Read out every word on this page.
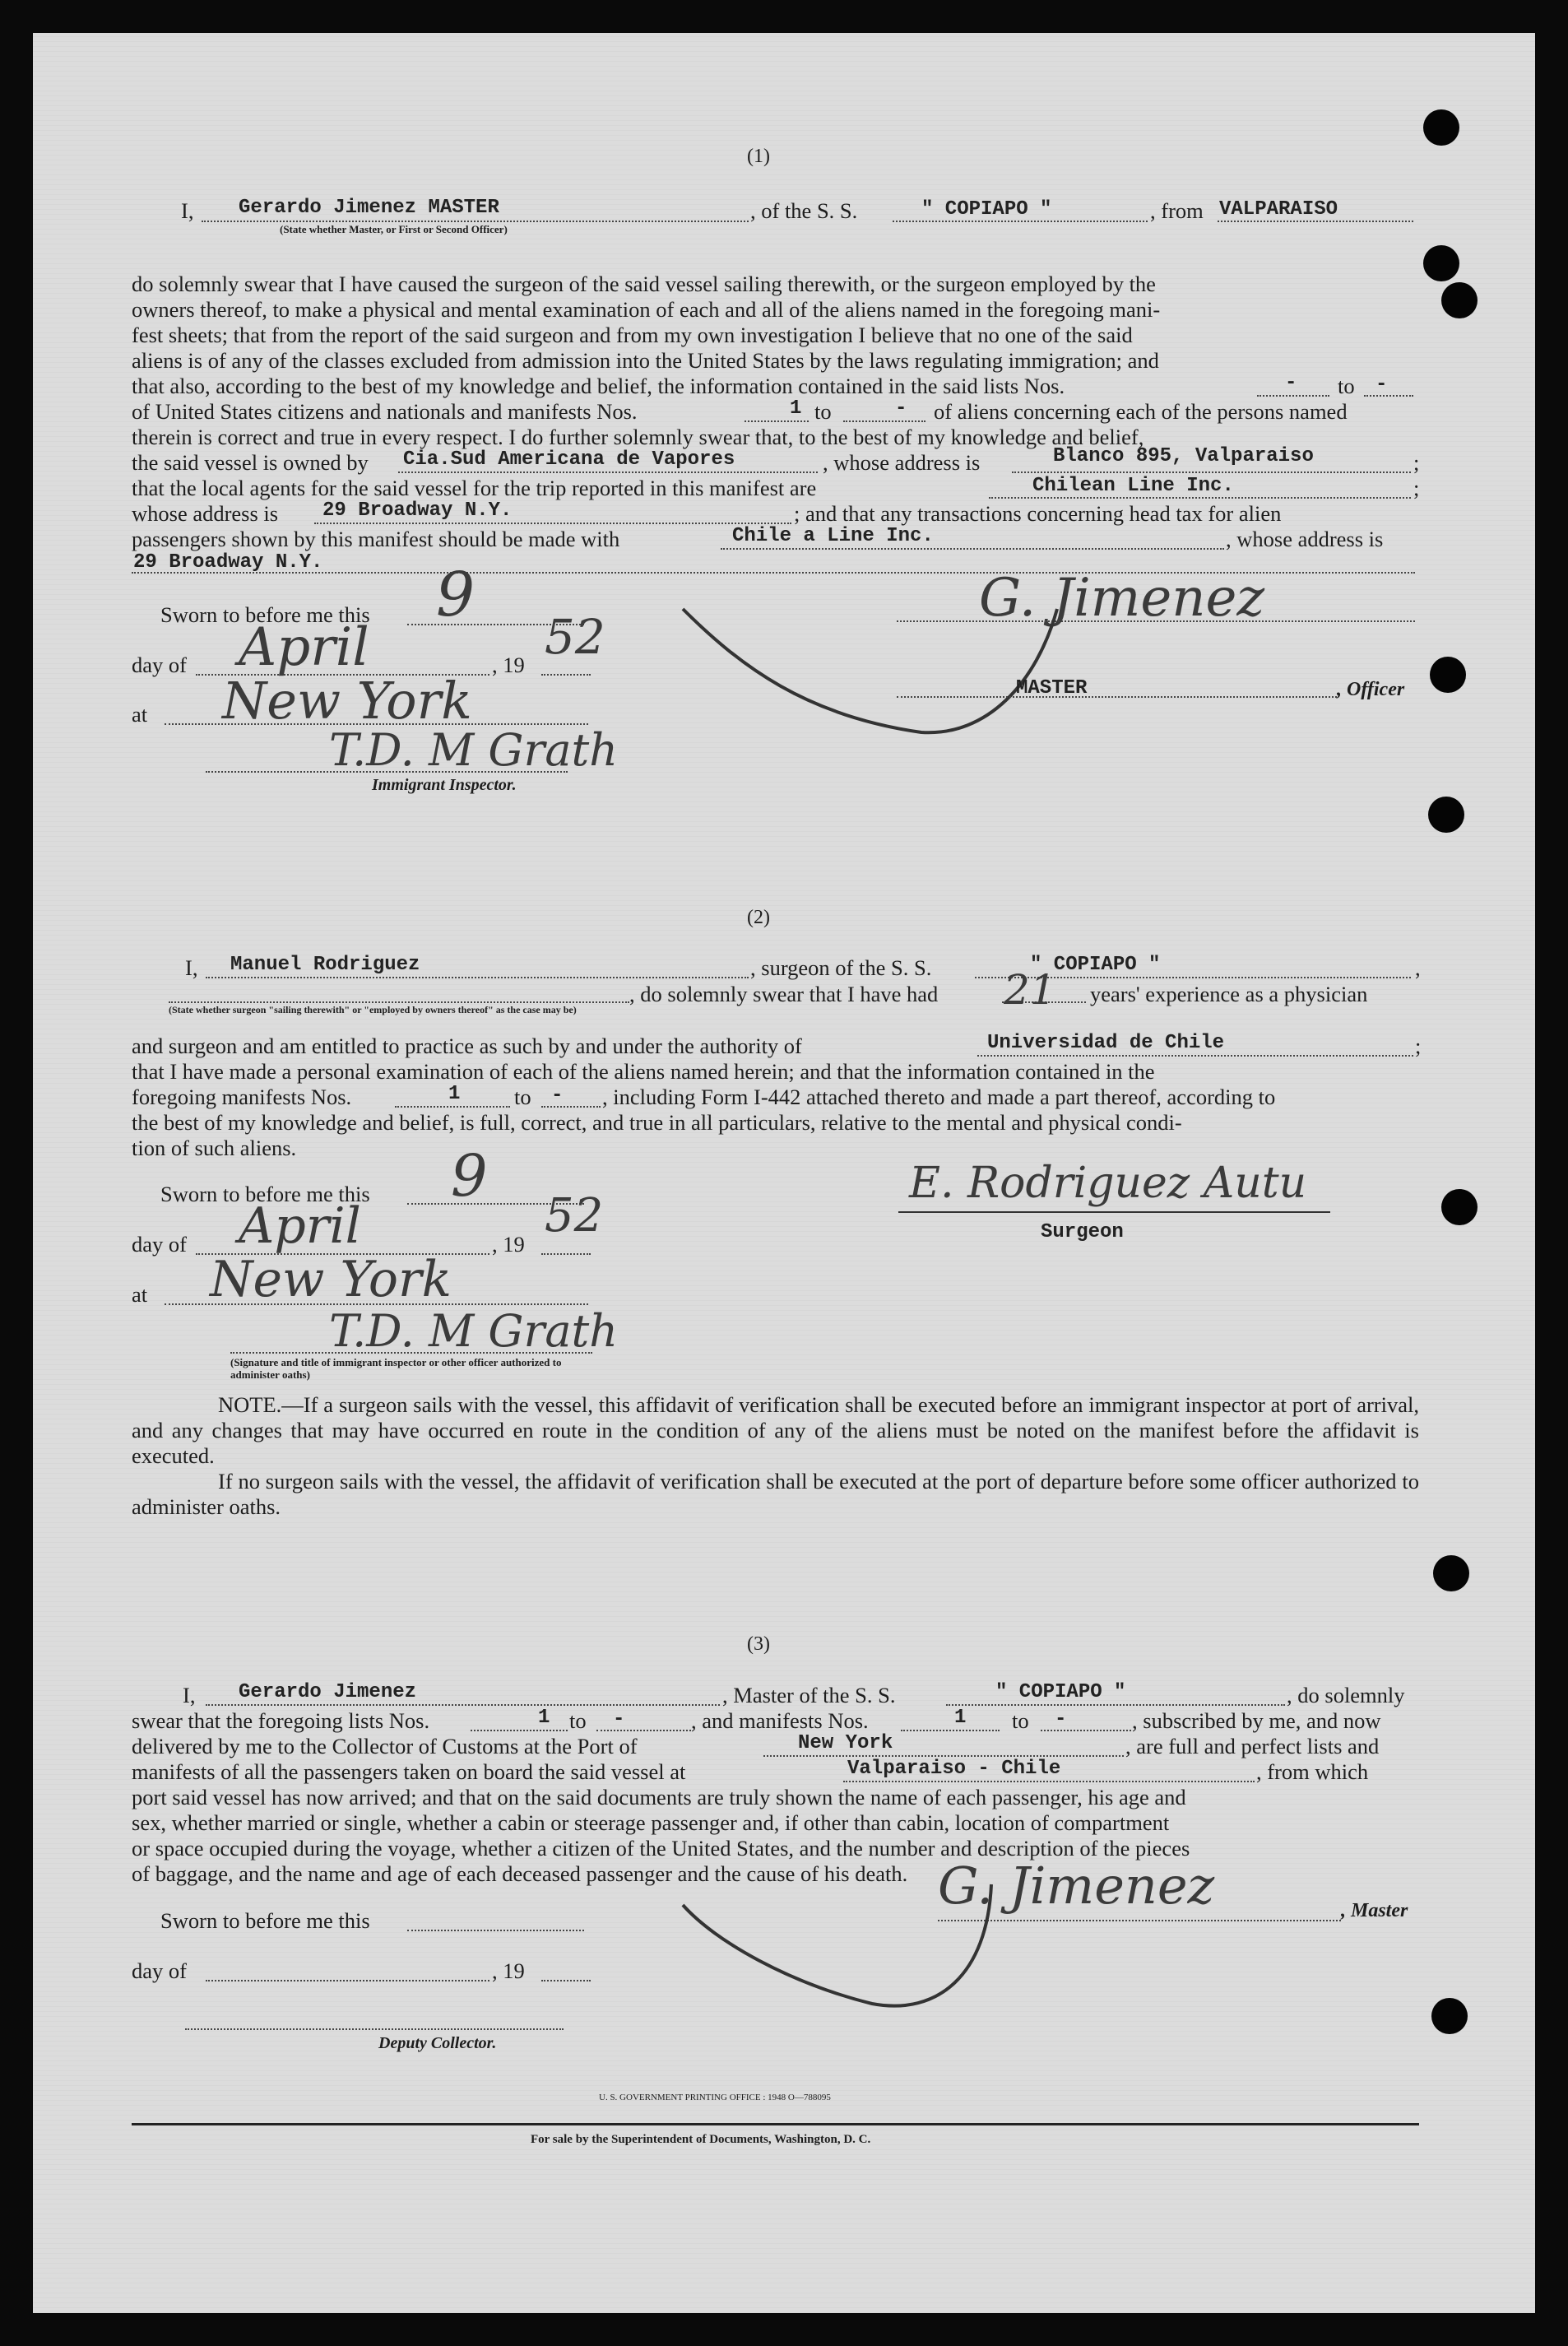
(1)
I, Gerardo Jimenez MASTER
(State whether Master, or First or Second Officer)
, of the S. S.	" COPIAPO "	, from VALPARAISO
do solemnly swear that I have caused the surgeon of the said vessel sailing therewith, or the surgeon employed by the
owners thereof, to make a physical and mental examination of each and all of the aliens named in the foregoing mani-
fest sheets; that from the report of the said surgeon and from my own investigation I believe that no one of the said
aliens is of any of the classes excluded from admission into the United States by the laws regulating immigration; and
that also, according to the best of my knowledge and belief, the information contained in the said lists Nos.	- to -
of United States citizens and nationals and manifests Nos.	1 to	- of aliens concerning each of the persons named
therein is correct and true in every respect. I do further solemnly swear that, to the best of my knowledge and belief,
the said vessel is owned by Cia.Sud Americana de Vapores	, whose address is	Blanco 895, Valparaiso	;
that the local agents for the said vessel for the trip reported in this manifest are	Chilean Line Inc.	;
whose address is 29 Broadway N.Y.	; and that any transactions concerning head tax for alien
passengers shown by this manifest should be made with	Chile a Line Inc.	, whose address is
29 Broadway N.Y.
Sworn to before me this 9
day of April	, 19 52
at New York
T.D. M Grath
Immigrant Inspector.
G. Jimenez
MASTER	, Officer
(2)
I, Manuel Rodriguez	, surgeon of the S. S.	" COPIAPO "	,
, do solemnly swear that I have had 21 years' experience as a physician
(State whether surgeon "sailing therewith" or "employed by owners thereof" as the case may be)
and surgeon and am entitled to practice as such by and under the authority of	Universidad de Chile	;
that I have made a personal examination of each of the aliens named herein; and that the information contained in the
foregoing manifests Nos.	1 to - , including Form I-442 attached thereto and made a part thereof, according to
the best of my knowledge and belief, is full, correct, and true in all particulars, relative to the mental and physical condi-
tion of such aliens.
Sworn to before me this 9
day of April	, 19
52
at New York
T.D. M Grath
(Signature and title of immigrant inspector or other officer authorized to administer oaths)
E. Rodriguez Autu
Surgeon
NOTE.—If a surgeon sails with the vessel, this affidavit of verification shall be executed before an immigrant inspector at port of arrival, and any changes that may have occurred en route in the condition of any of the aliens must be noted on the manifest before the affidavit is executed.
If no surgeon sails with the vessel, the affidavit of verification shall be executed at the port of departure before some officer authorized to administer oaths.
(3)
I, Gerardo Jimenez	, Master of the S. S.	" COPIAPO "	, do solemnly
swear that the foregoing lists Nos.	1 to -	, and manifests Nos.	1 to -	, subscribed by me, and now
delivered by me to the Collector of Customs at the Port of	New York	, are full and perfect lists and
manifests of all the passengers taken on board the said vessel at	Valparaiso - Chile	, from which
port said vessel has now arrived; and that on the said documents are truly shown the name of each passenger, his age and
sex, whether married or single, whether a cabin or steerage passenger and, if other than cabin, location of compartment
or space occupied during the voyage, whether a citizen of the United States, and the number and description of the pieces
of baggage, and the name and age of each deceased passenger and the cause of his death.
Sworn to before me this
day of	, 19
Deputy Collector.
G. Jimenez	, Master
U. S. GOVERNMENT PRINTING OFFICE : 1948 O—788095
For sale by the Superintendent of Documents, Washington, D. C.
